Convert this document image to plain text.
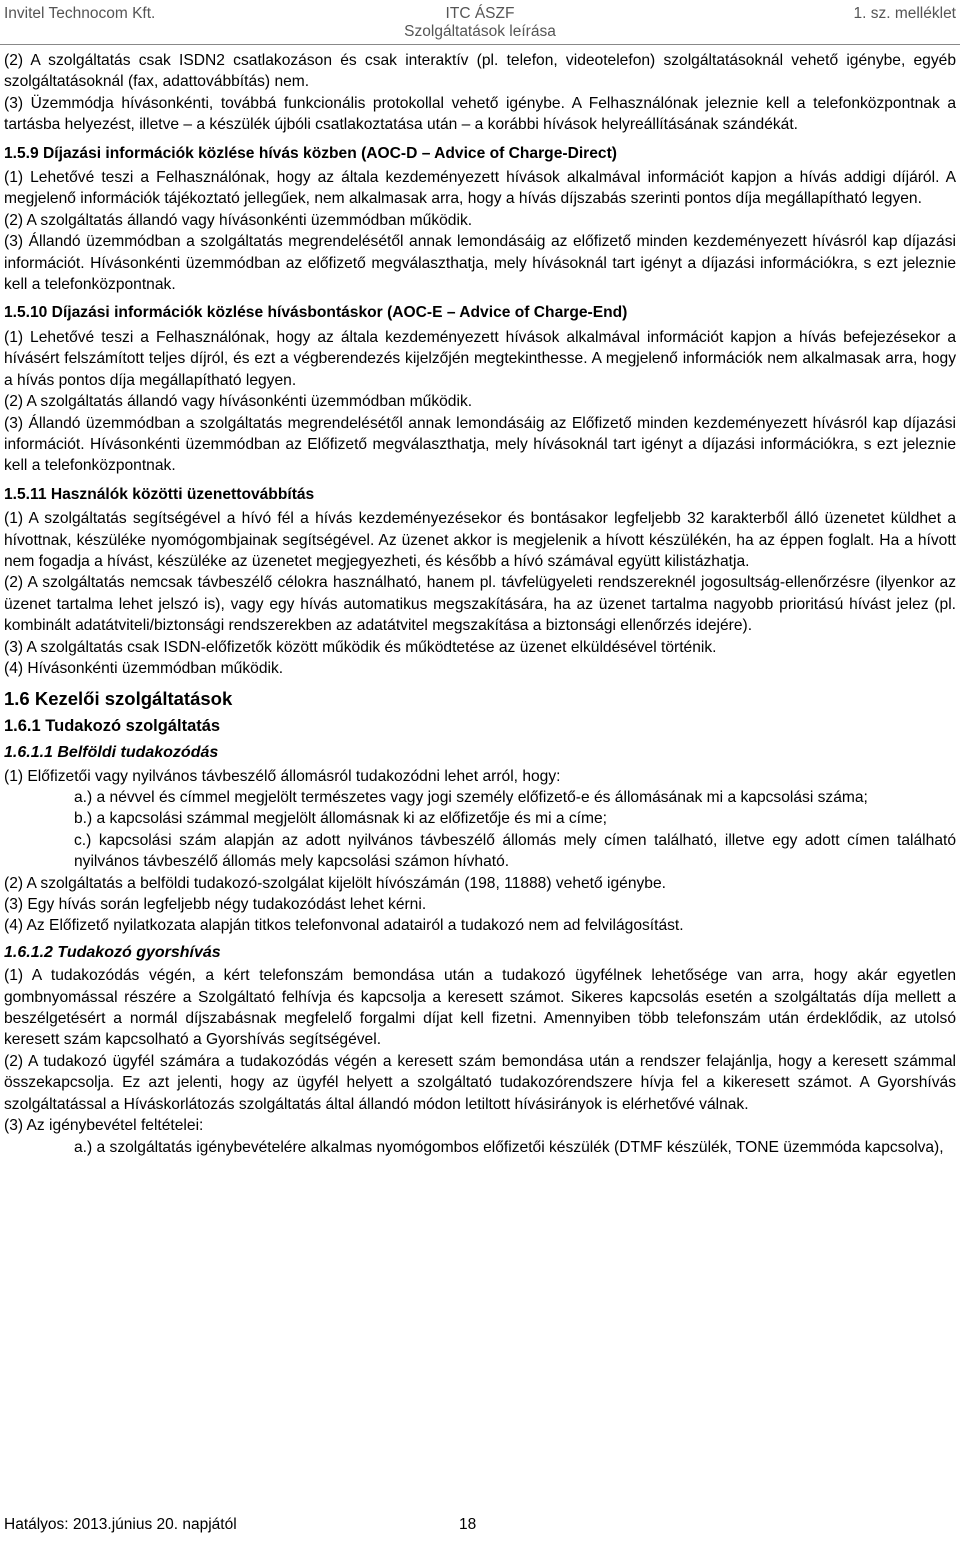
Invitel Technocom Kft.	ITC ÁSZF
Szolgáltatások leírása
1. sz. melléklet

(2) A szolgáltatás csak ISDN2 csatlakozáson és csak interaktív (pl. telefon, videotelefon) szolgáltatásoknál vehető igénybe, egyéb szolgáltatásoknál (fax, adattovábbítás) nem.

(3) Üzemmódja hívásonkénti, továbbá funkcionális protokollal vehető igénybe. A Felhasználónak jeleznie kell a telefonközpontnak a tartásba helyezést, illetve – a készülék újbóli csatlakoztatása után – a korábbi hívások helyreállításának szándékát.

1.5.9 Díjazási információk közlése hívás közben (AOC-D – Advice of Charge-Direct)

(1) Lehetővé teszi a Felhasználónak, hogy az általa kezdeményezett hívások alkalmával információt kapjon a hívás addigi díjáról. A megjelenő információk tájékoztató jellegűek, nem alkalmasak arra, hogy a hívás díjszabás szerinti pontos díja megállapítható legyen.

(2) A szolgáltatás állandó vagy hívásonkénti üzemmódban működik.

(3) Állandó üzemmódban a szolgáltatás megrendelésétől annak lemondásáig az előfizető minden kezdeményezett hívásról kap díjazási információt. Hívásonkénti üzemmódban az előfizető megválaszthatja, mely hívásoknál tart igényt a díjazási információkra, s ezt jeleznie kell a telefonközpontnak.

1.5.10 Díjazási információk közlése hívásbontáskor (AOC-E – Advice of Charge-End)

(1) Lehetővé teszi a Felhasználónak, hogy az általa kezdeményezett hívások alkalmával információt kapjon a hívás befejezésekor a hívásért felszámított teljes díjról, és ezt a végberendezés kijelzőjén megtekinthesse. A megjelenő információk nem alkalmasak arra, hogy a hívás pontos díja megállapítható legyen.

(2) A szolgáltatás állandó vagy hívásonkénti üzemmódban működik.

(3) Állandó üzemmódban a szolgáltatás megrendelésétől annak lemondásáig az Előfizető minden kezdeményezett hívásról kap díjazási információt. Hívásonkénti üzemmódban az Előfizető megválaszthatja, mely hívásoknál tart igényt a díjazási információkra, s ezt jeleznie kell a telefonközpontnak.

1.5.11 Használók közötti üzenettovábbítás

(1) A szolgáltatás segítségével a hívó fél a hívás kezdeményezésekor és bontásakor legfeljebb 32 karakterből álló üzenetet küldhet a hívottnak, készüléke nyomógombjainak segítségével. Az üzenet akkor is megjelenik a hívott készülékén, ha az éppen foglalt. Ha a hívott nem fogadja a hívást, készüléke az üzenetet megjegyezheti, és később a hívó számával együtt kilistázhatja.

(2) A szolgáltatás nemcsak távbeszélő célokra használható, hanem pl. távfelügyeleti rendszereknél jogosultság-ellenőrzésre (ilyenkor az üzenet tartalma lehet jelszó is), vagy egy hívás automatikus megszakítására, ha az üzenet tartalma nagyobb prioritású hívást jelez (pl. kombinált adatátviteli/biztonsági rendszerekben az adatátvitel megszakítása a biztonsági ellenőrzés idejére).

(3) A szolgáltatás csak ISDN-előfizetők között működik és működtetése az üzenet elküldésével történik.

(4) Hívásonkénti üzemmódban működik.

1.6 Kezelői szolgáltatások
1.6.1 Tudakozó szolgáltatás
1.6.1.1 Belföldi tudakozódás

(1) Előfizetői vagy nyilvános távbeszélő állomásról tudakozódni lehet arról, hogy:

a.) a névvel és címmel megjelölt természetes vagy jogi személy előfizető-e és állomásának mi a kapcsolási száma;

b.) a kapcsolási számmal megjelölt állomásnak ki az előfizetője és mi a címe;

c.) kapcsolási szám alapján az adott nyilvános távbeszélő állomás mely címen található, illetve egy adott címen található nyilvános távbeszélő állomás mely kapcsolási számon hívható.

(2) A szolgáltatás a belföldi tudakozó-szolgálat kijelölt hívószámán (198, 11888) vehető igénybe.

(3) Egy hívás során legfeljebb négy tudakozódást lehet kérni.

(4) Az Előfizető nyilatkozata alapján titkos telefonvonal adatairól a tudakozó nem ad felvilágosítást.

1.6.1.2 Tudakozó gyorshívás

(1) A tudakozódás végén, a kért telefonszám bemondása után a tudakozó ügyfélnek lehetősége van arra, hogy akár egyetlen gombnyomással részére a Szolgáltató felhívja és kapcsolja a keresett számot. Sikeres kapcsolás esetén a szolgáltatás díja mellett a beszélgetésért a normál díjszabásnak megfelelő forgalmi díjat kell fizetni. Amennyiben több telefonszám után érdeklődik, az utolsó keresett szám kapcsolható a Gyorshívás segítségével.

(2) A tudakozó ügyfél számára a tudakozódás végén a keresett szám bemondása után a rendszer felajánlja, hogy a keresett számmal összekapcsolja. Ez azt jelenti, hogy az ügyfél helyett a szolgáltató tudakozórendszere hívja fel a kikeresett számot. A Gyorshívás szolgáltatással a Híváskorlátozás szolgáltatás által állandó módon letiltott hívásirányok is elérhetővé válnak.

(3) Az igénybevétel feltételei:

a.) a szolgáltatás igénybevételére alkalmas nyomógombos előfizetői készülék (DTMF készülék, TONE üzemmóda kapcsolva),

Hatályos: 2013.június 20. napjától	18
